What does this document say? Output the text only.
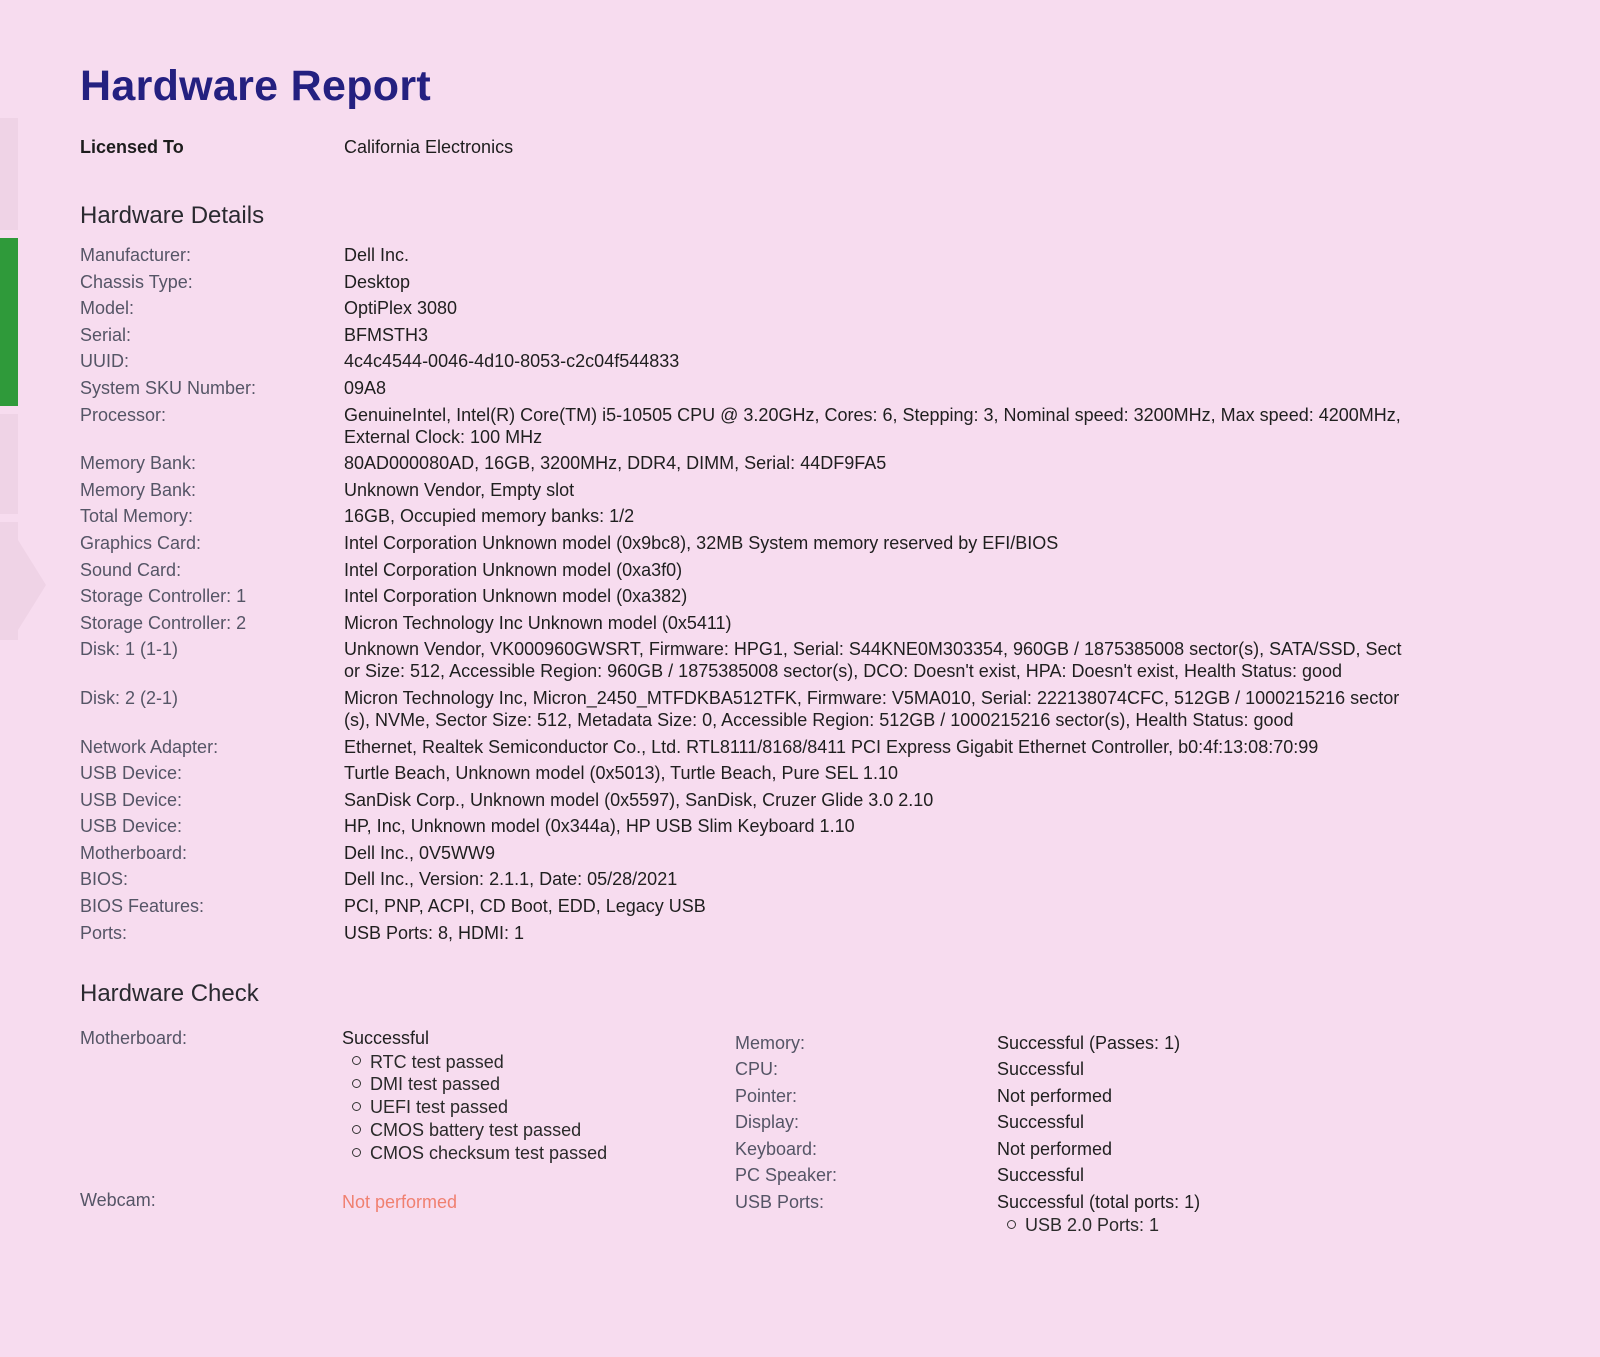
Hardware Report
Licensed To	California Electronics
Hardware Details
Manufacturer:	Dell Inc.
Chassis Type:	Desktop
Model:	OptiPlex 3080
Serial:	BFMSTH3
UUID:	4c4c4544-0046-4d10-8053-c2c04f544833
System SKU Number:	09A8
Processor:	GenuineIntel, Intel(R) Core(TM) i5-10505 CPU @ 3.20GHz, Cores: 6, Stepping: 3, Nominal speed: 3200MHz, Max speed: 4200MHz, External Clock: 100 MHz
Memory Bank:	80AD000080AD, 16GB, 3200MHz, DDR4, DIMM, Serial: 44DF9FA5
Memory Bank:	Unknown Vendor, Empty slot
Total Memory:	16GB, Occupied memory banks: 1/2
Graphics Card:	Intel Corporation Unknown model (0x9bc8), 32MB System memory reserved by EFI/BIOS
Sound Card:	Intel Corporation Unknown model (0xa3f0)
Storage Controller: 1	Intel Corporation Unknown model (0xa382)
Storage Controller: 2	Micron Technology Inc Unknown model (0x5411)
Disk: 1 (1-1)	Unknown Vendor, VK000960GWSRT, Firmware: HPG1, Serial: S44KNE0M303354, 960GB / 1875385008 sector(s), SATA/SSD, Sector Size: 512, Accessible Region: 960GB / 1875385008 sector(s), DCO: Doesn't exist, HPA: Doesn't exist, Health Status: good
Disk: 2 (2-1)	Micron Technology Inc, Micron_2450_MTFDKBA512TFK, Firmware: V5MA010, Serial: 222138074CFC, 512GB / 1000215216 sector(s), NVMe, Sector Size: 512, Metadata Size: 0, Accessible Region: 512GB / 1000215216 sector(s), Health Status: good
Network Adapter:	Ethernet, Realtek Semiconductor Co., Ltd. RTL8111/8168/8411 PCI Express Gigabit Ethernet Controller, b0:4f:13:08:70:99
USB Device:	Turtle Beach, Unknown model (0x5013), Turtle Beach, Pure SEL 1.10
USB Device:	SanDisk Corp., Unknown model (0x5597), SanDisk, Cruzer Glide 3.0 2.10
USB Device:	HP, Inc, Unknown model (0x344a), HP USB Slim Keyboard 1.10
Motherboard:	Dell Inc., 0V5WW9
BIOS:	Dell Inc., Version: 2.1.1, Date: 05/28/2021
BIOS Features:	PCI, PNP, ACPI, CD Boot, EDD, Legacy USB
Ports:	USB Ports: 8, HDMI: 1
Hardware Check
Motherboard:	Successful
RTC test passed
DMI test passed
UEFI test passed
CMOS battery test passed
CMOS checksum test passed
Webcam:	Not performed
Memory:	Successful (Passes: 1)
CPU:	Successful
Pointer:	Not performed
Display:	Successful
Keyboard:	Not performed
PC Speaker:	Successful
USB Ports:	Successful (total ports: 1)
USB 2.0 Ports: 1
